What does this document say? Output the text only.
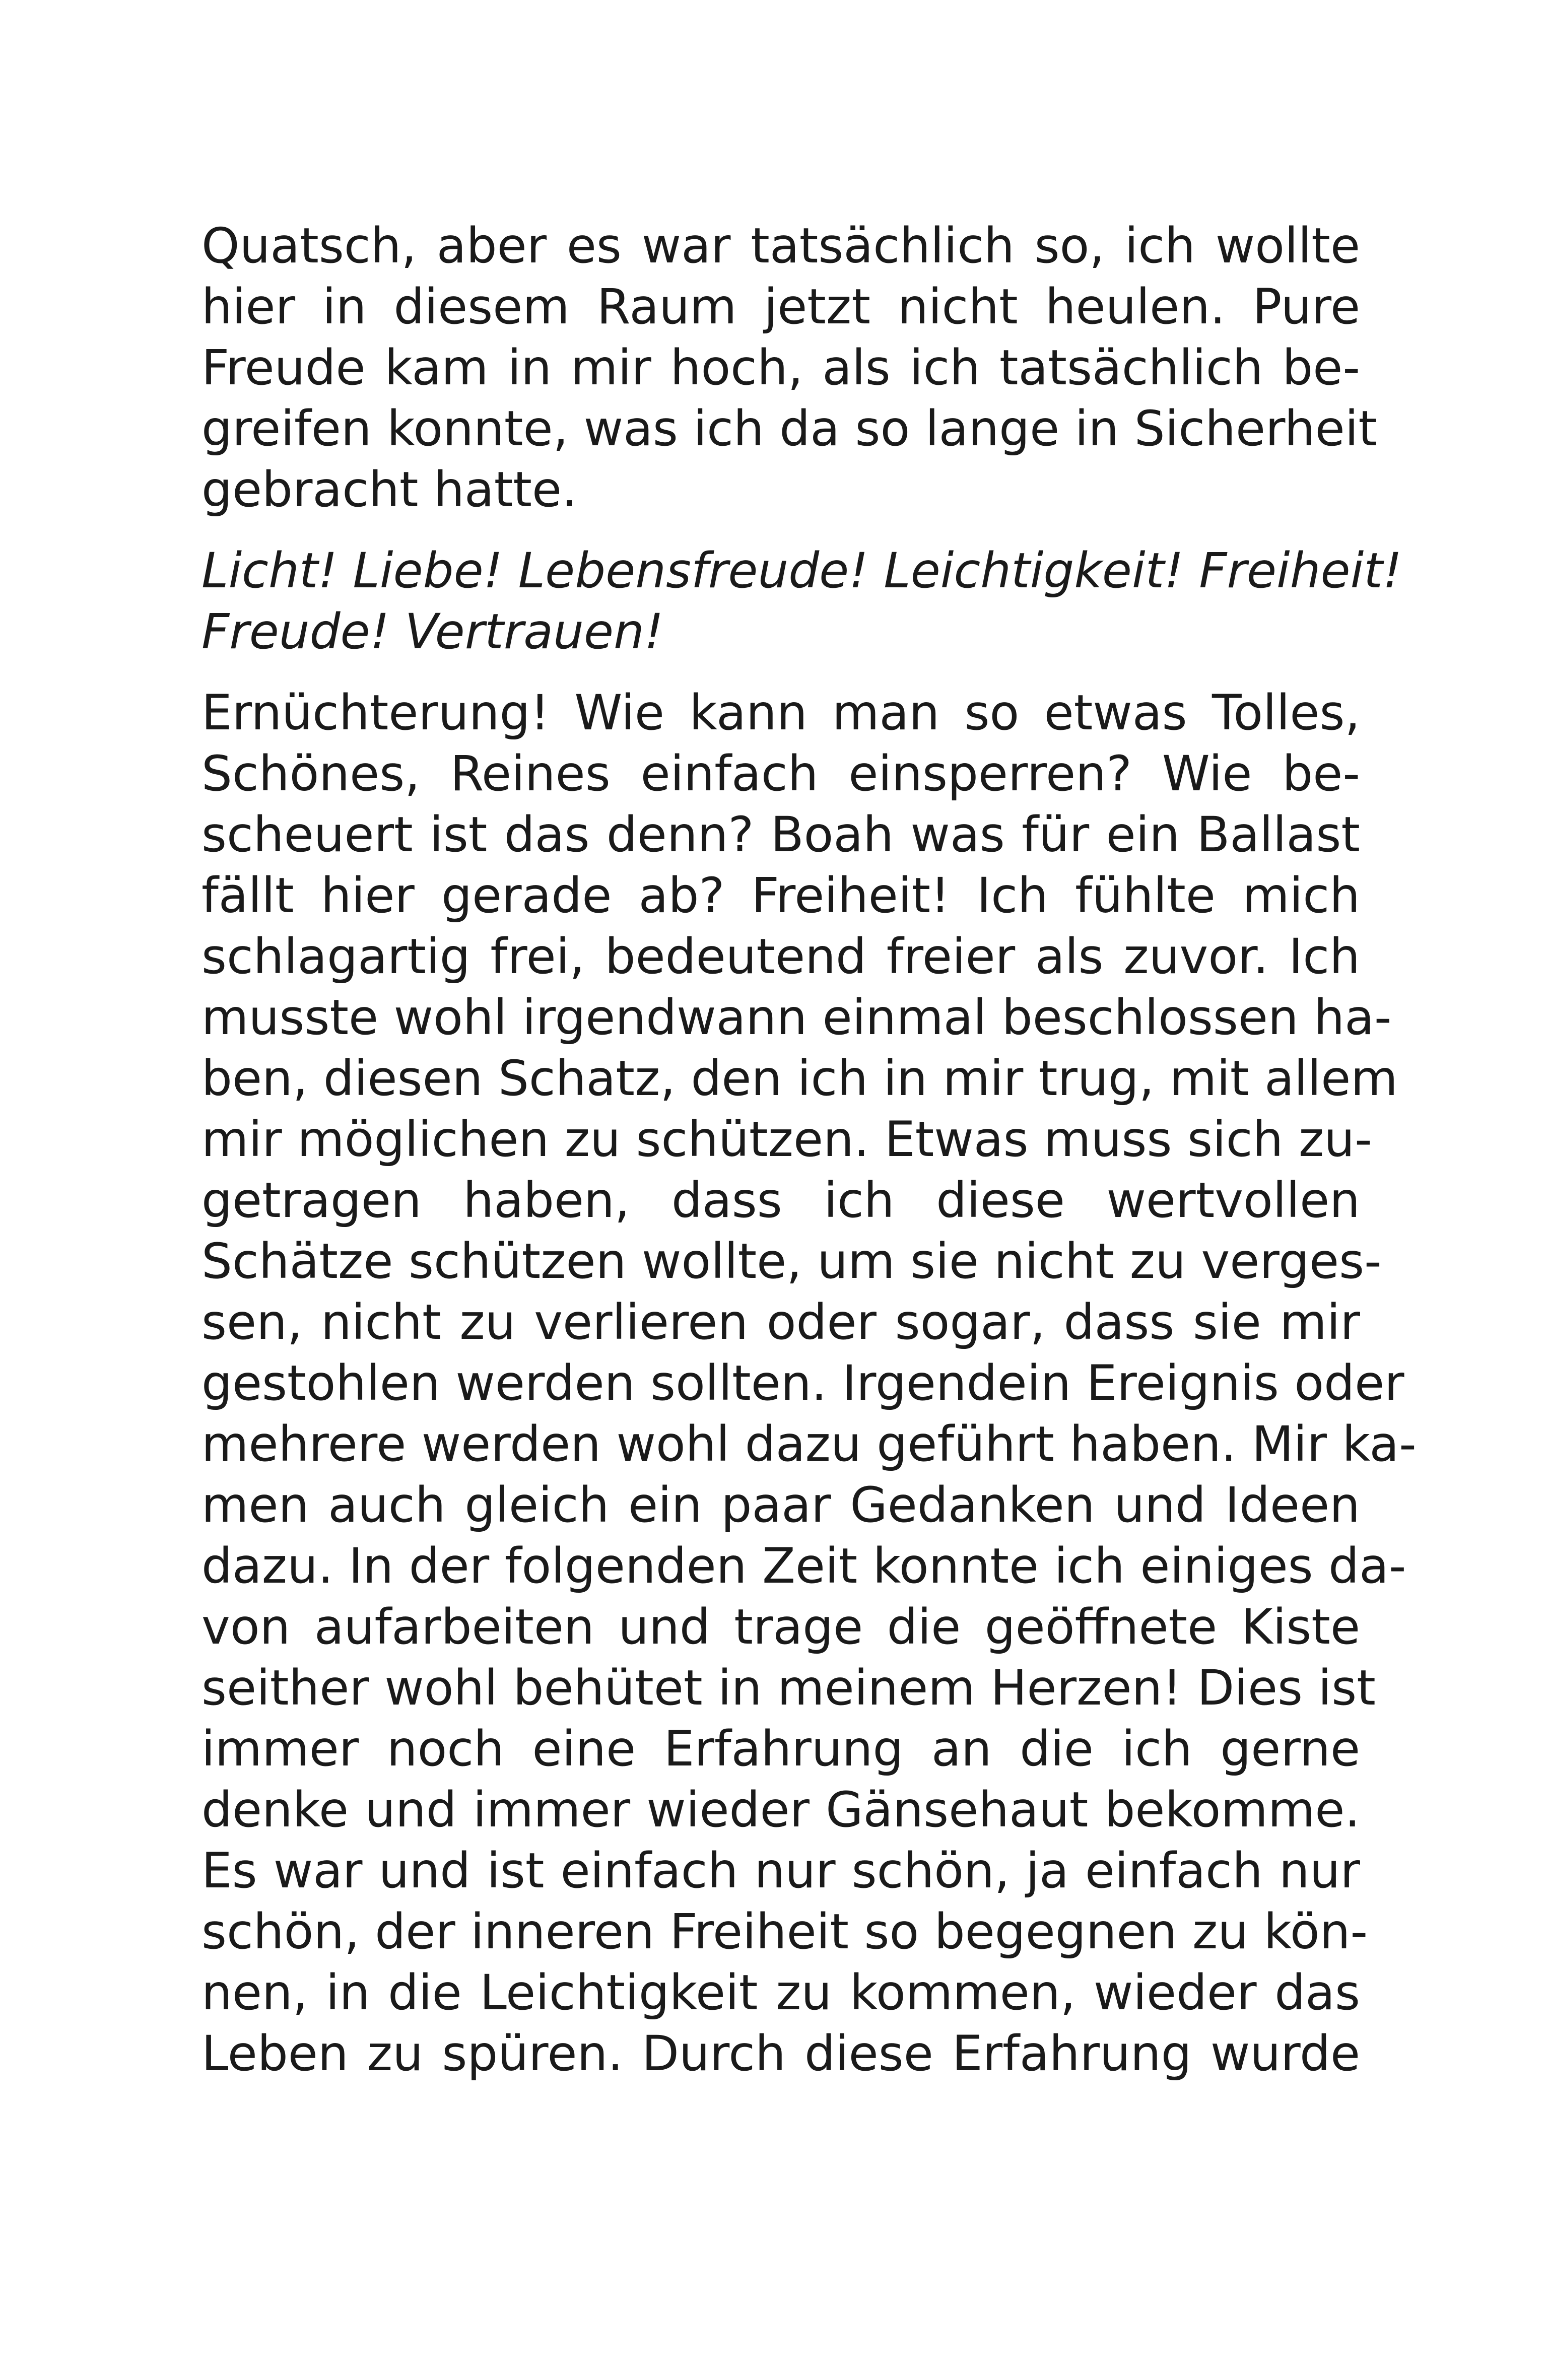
Quatsch, aber es war tatsächlich so, ich wollte
hier in diesem Raum jetzt nicht heulen. Pure
Freude kam in mir hoch, als ich tatsächlich be-
greifen konnte, was ich da so lange in Sicherheit
gebracht hatte.
Licht! Liebe! Lebensfreude! Leichtigkeit! Freiheit!
Freude! Vertrauen!
Ernüchterung! Wie kann man so etwas Tolles,
Schönes, Reines einfach einsperren? Wie be-
scheuert ist das denn? Boah was für ein Ballast
fällt hier gerade ab? Freiheit! Ich fühlte mich
schlagartig frei, bedeutend freier als zuvor. Ich
musste wohl irgendwann einmal beschlossen ha-
ben, diesen Schatz, den ich in mir trug, mit allem
mir möglichen zu schützen. Etwas muss sich zu-
getragen haben, dass ich diese wertvollen
Schätze schützen wollte, um sie nicht zu verges-
sen, nicht zu verlieren oder sogar, dass sie mir
gestohlen werden sollten. Irgendein Ereignis oder
mehrere werden wohl dazu geführt haben. Mir ka-
men auch gleich ein paar Gedanken und Ideen
dazu. In der folgenden Zeit konnte ich einiges da-
von aufarbeiten und trage die geöffnete Kiste
seither wohl behütet in meinem Herzen! Dies ist
immer noch eine Erfahrung an die ich gerne
denke und immer wieder Gänsehaut bekomme.
Es war und ist einfach nur schön, ja einfach nur
schön, der inneren Freiheit so begegnen zu kön-
nen, in die Leichtigkeit zu kommen, wieder das
Leben zu spüren. Durch diese Erfahrung wurde
